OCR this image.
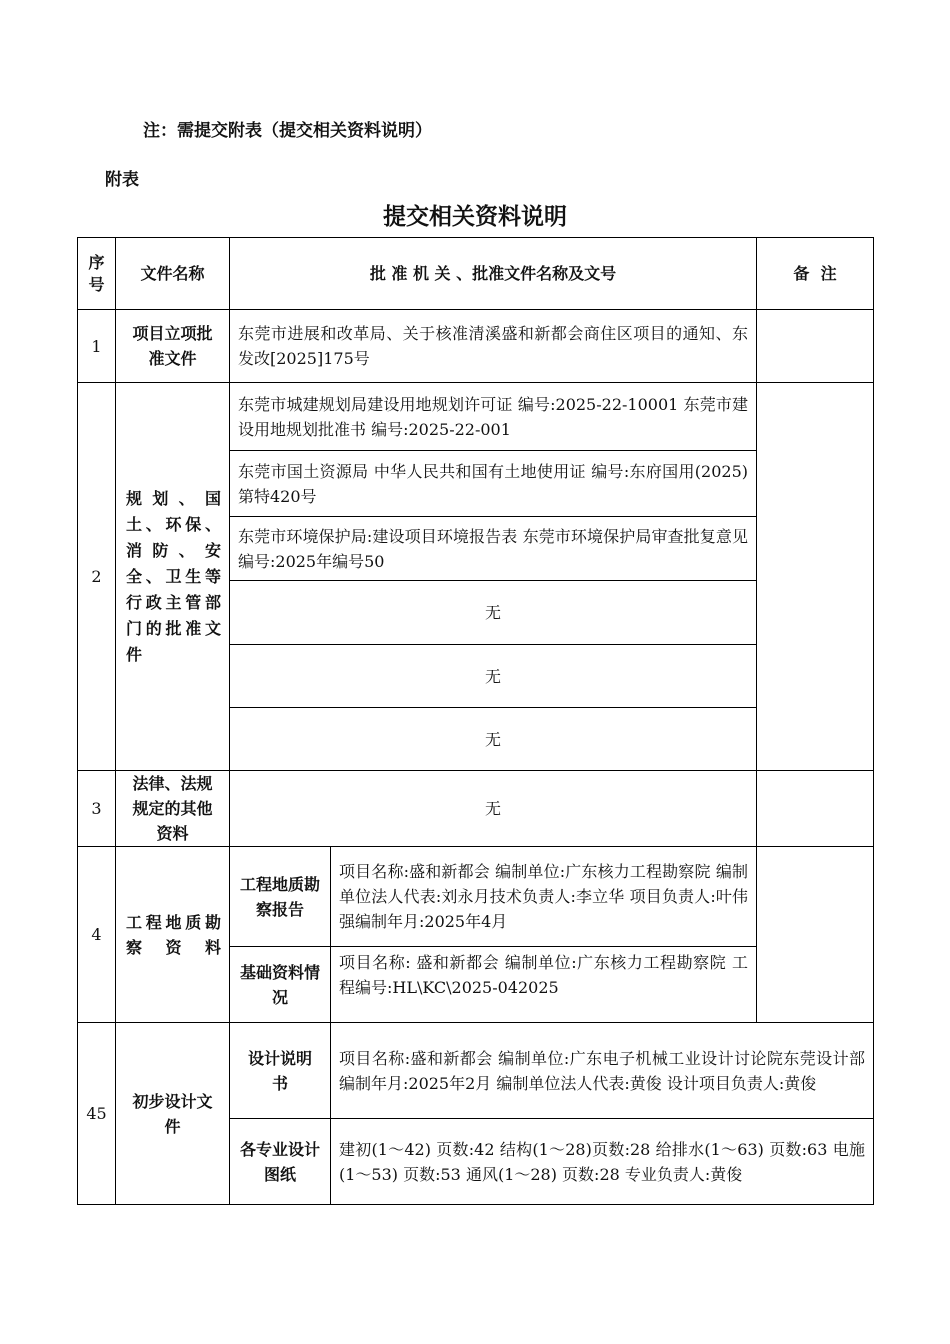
注：需提交附表（提交相关资料说明）
附表
提交相关资料说明
序号	文件名称	批 准 机 关 、批准文件名称及文号		备  注
1	项目立项批准文件	东莞市进展和改革局、关于核准清溪盛和新都会商住区项目的通知、东发改[2025]175号		
2	规划、国土、环保、消防、安全、卫生等行政主管部门的批准文件	东莞市城建规划局建设用地规划许可证 编号:2025-22-10001 东莞市建设用地规划批准书 编号:2025-22-001		
		东莞市国土资源局 中华人民共和国有土地使用证 编号:东府国用(2025)第特420号		
		东莞市环境保护局:建设项目环境报告表 东莞市环境保护局审查批复意见 编号:2025年编号50		
		无		
		无		
		无		
3	法律、法规规定的其他资料	无		
4	工程地质勘察资料	工程地质勘察报告	项目名称:盛和新都会 编制单位:广东核力工程勘察院 编制单位法人代表:刘永月技术负责人:李立华 项目负责人:叶伟强编制年月:2025年4月	
		基础资料情况	项目名称: 盛和新都会 编制单位:广东核力工程勘察院 工程编号:HL\KC\2025-042025	
45	初步设计文件	设计说明书	项目名称:盛和新都会 编制单位:广东电子机械工业设计讨论院东莞设计部 编制年月:2025年2月 编制单位法人代表:黄俊 设计项目负责人:黄俊	
		各专业设计图纸	建初(1～42) 页数:42 结构(1～28)页数:28 给排水(1～63) 页数:63 电施(1～53) 页数:53 通风(1～28) 页数:28 专业负责人:黄俊	
